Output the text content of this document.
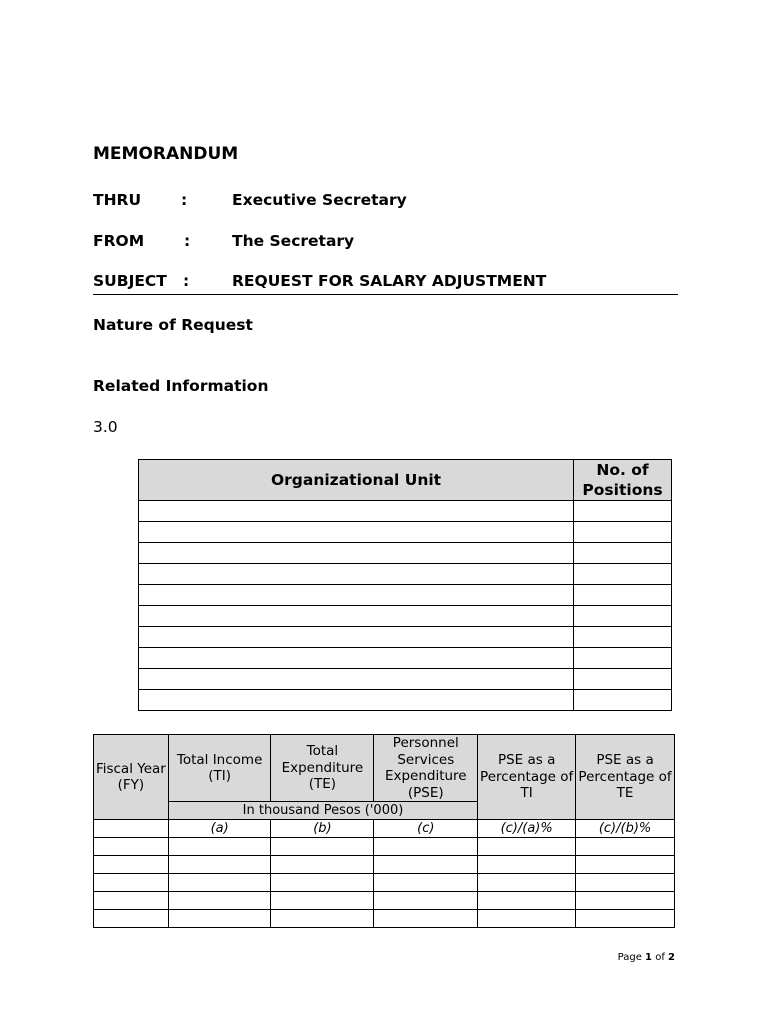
MEMORANDUM
THRU	:	Executive Secretary
FROM	:	The Secretary
SUBJECT :	REQUEST FOR SALARY ADJUSTMENT
Nature of Request
Related Information
3.0
Organizational Unit	No. of Positions

Fiscal Year (FY)	Total Income (TI)	Total Expenditure (TE)	Personnel Services Expenditure (PSE)	PSE as a Percentage of TI	PSE as a Percentage of TE
	In thousand Pesos ('000)				
	(a)	(b)	(c)	(c)/(a)%	(c)/(b)%

Page 1 of 2
